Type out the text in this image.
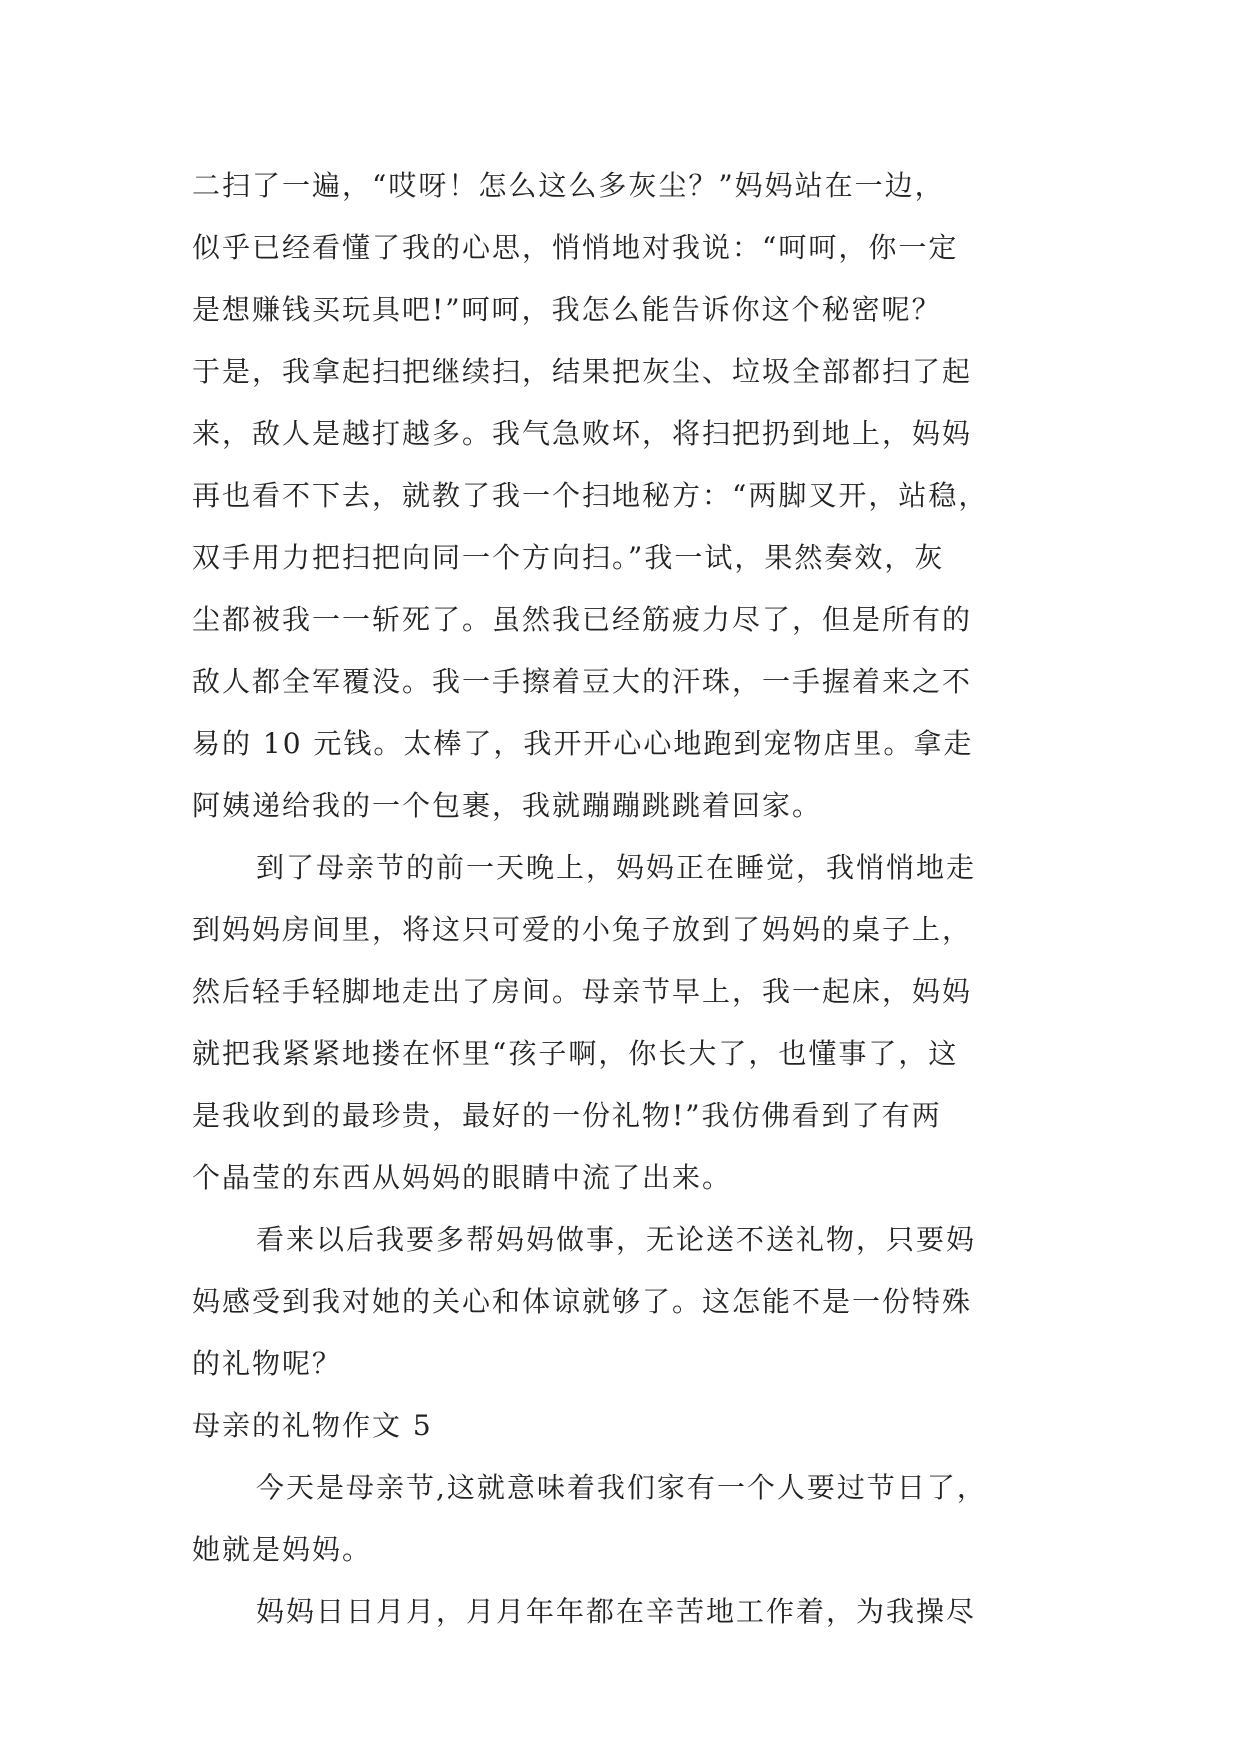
二扫了一遍，“哎呀！怎么这么多灰尘？”妈妈站在一边，
似乎已经看懂了我的心思，悄悄地对我说：“呵呵，你一定
是想赚钱买玩具吧!”呵呵，我怎么能告诉你这个秘密呢？
于是，我拿起扫把继续扫，结果把灰尘、垃圾全部都扫了起
来，敌人是越打越多。我气急败坏，将扫把扔到地上，妈妈
再也看不下去，就教了我一个扫地秘方：“两脚叉开，站稳，
双手用力把扫把向同一个方向扫。”我一试，果然奏效，灰
尘都被我一一斩死了。虽然我已经筋疲力尽了，但是所有的
敌人都全军覆没。我一手擦着豆大的汗珠，一手握着来之不
易的 10 元钱。太棒了，我开开心心地跑到宠物店里。拿走
阿姨递给我的一个包裹，我就蹦蹦跳跳着回家。
到了母亲节的前一天晚上，妈妈正在睡觉，我悄悄地走
到妈妈房间里，将这只可爱的小兔子放到了妈妈的桌子上，
然后轻手轻脚地走出了房间。母亲节早上，我一起床，妈妈
就把我紧紧地搂在怀里“孩子啊，你长大了，也懂事了，这
是我收到的最珍贵，最好的一份礼物!”我仿佛看到了有两
个晶莹的东西从妈妈的眼睛中流了出来。
看来以后我要多帮妈妈做事，无论送不送礼物，只要妈
妈感受到我对她的关心和体谅就够了。这怎能不是一份特殊
的礼物呢？
母亲的礼物作文 5
今天是母亲节,这就意味着我们家有一个人要过节日了，
她就是妈妈。
妈妈日日月月，月月年年都在辛苦地工作着，为我操尽
